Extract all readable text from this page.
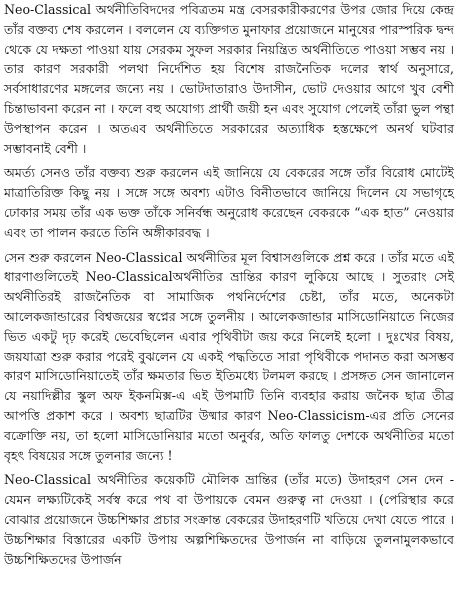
Neo-Classical অর্থনীতিবিদদের পবিত্রতম মন্ত্র বেসরকারীকরণের উপর জোর দিয়ে কেন্দ্র তাঁর বক্তব্য শেষ করলেন । বললেন যে ব্যক্তিগত মুনাফার প্রয়োজনে মানুষের পারস্পরিক দ্বন্দ থেকে যে দক্ষতা পাওয়া যায় সেরকম সুফল সরকার নিয়ন্ত্রিত অর্থনীতিতে পাওয়া সম্ভব নয় । তার কারণ সরকারী পলথা নির্দেশিত হয় বিশেষ রাজনৈতিক দলের স্বার্থ অনুসারে, সর্বসাধারণের মঙ্গলের জন্যে নয় । ভোটদাতারাও উদাসীন, ভোট দেওয়ার আগে খুব বেশী চিন্তাভাবনা করেন না । ফলে বহু অযোগ্য প্রার্থী জয়ী হন এবং সুযোগ পেলেই তাঁরা ভুল পন্থা উপস্থাপন করেন । অতএব অর্থনীতিতে সরকারের অত্যাধিক হস্তক্ষেপে অনর্থ ঘটবার সম্ভাবনাই বেশী ।

অমর্ত্য সেনও তাঁর বক্তব্য শুরু করলেন এই জানিয়ে যে বেকরের সঙ্গে তাঁর বিরোধ মোটেই মাত্রাতিরিক্ত কিছু নয় । সঙ্গে সঙ্গে অবশ্য এটাও বিনীতভাবে জানিয়ে দিলেন যে সভাগৃহে ঢোকার সময় তাঁর এক ভক্ত তাঁকে সনির্বন্ধ অনুরোধ করেছেন বেকরকে “এক হাত” নেওয়ার এবং তা পালন করতে তিনি অঙ্গীকারবদ্ধ ।

সেন শুরু করলেন Neo-Classical অর্থনীতির মূল বিশ্বাসগুলিকে প্রশ্ন করে । তাঁর মতে এই ধারণাগুলিতেই Neo-Classicalঅর্থনীতির ভ্রান্তির কারণ লুকিয়ে আছে । সুতরাং সেই অর্থনীতিরই রাজনৈতিক বা সামাজিক পথনির্দেশের চেষ্টা, তাঁর মতে, অনেকটা আলেকজান্ডারের বিশ্বজয়ের স্বপ্নের সঙ্গে তুলনীয় । আলেকজান্ডার মাসিডোনিয়াতে নিজের ভিত একটু দৃঢ় করেই ভেবেছিলেন এবার পৃথিবীটা জয় করে নিলেই হলো । দুঃখের বিষয়, জয়যাত্রা শুরু করার পরেই বুঝলেন যে একই পদ্ধতিতে সারা পৃথিবীকে পদানত করা অসম্ভব কারণ মাসিডোনিয়াতেই তাঁর ক্ষমতার ভিত ইতিমধ্যে টলমল করছে । প্রসঙ্গত সেন জানালেন যে নয়াদিল্লীর স্কুল অফ ইকনমিক্স-এ এই উপমাটি তিনি ব্যবহার করায় জনৈক ছাত্র তীব্র আপত্তি প্রকাশ করে । অবশ্য ছাত্রটির উষ্মার কারণ Neo-Classicism-এর প্রতি সেনের বক্রোক্তি নয়, তা হলো মাসিডোনিয়ার মতো অনুর্বর, অতি ফালতু দেশকে অর্থনীতির মতো বৃহৎ বিষয়ের সঙ্গে তুলনার জন্যে !

Neo-Classical অর্থনীতির কয়েকটি মৌলিক ভ্রান্তির (তাঁর মতে) উদাহরণ সেন দেন - যেমন লক্ষ্যটিকেই সর্বস্ব করে পথ বা উপায়কে বেমন গুরুত্ব না দেওয়া । (পেরিস্থার করে বোঝার প্রয়োজনে উচ্চশিক্ষার প্রচার সংক্রান্ত বেকরের উদাহরণটি খতিয়ে দেখা যেতে পারে । উচ্চশিক্ষার বিস্তারের একটি উপায় অল্পশিক্ষিতদের উপার্জন না বাড়িয়ে তুলনামুলকভাবে উচ্চশিক্ষিতদের উপার্জন
